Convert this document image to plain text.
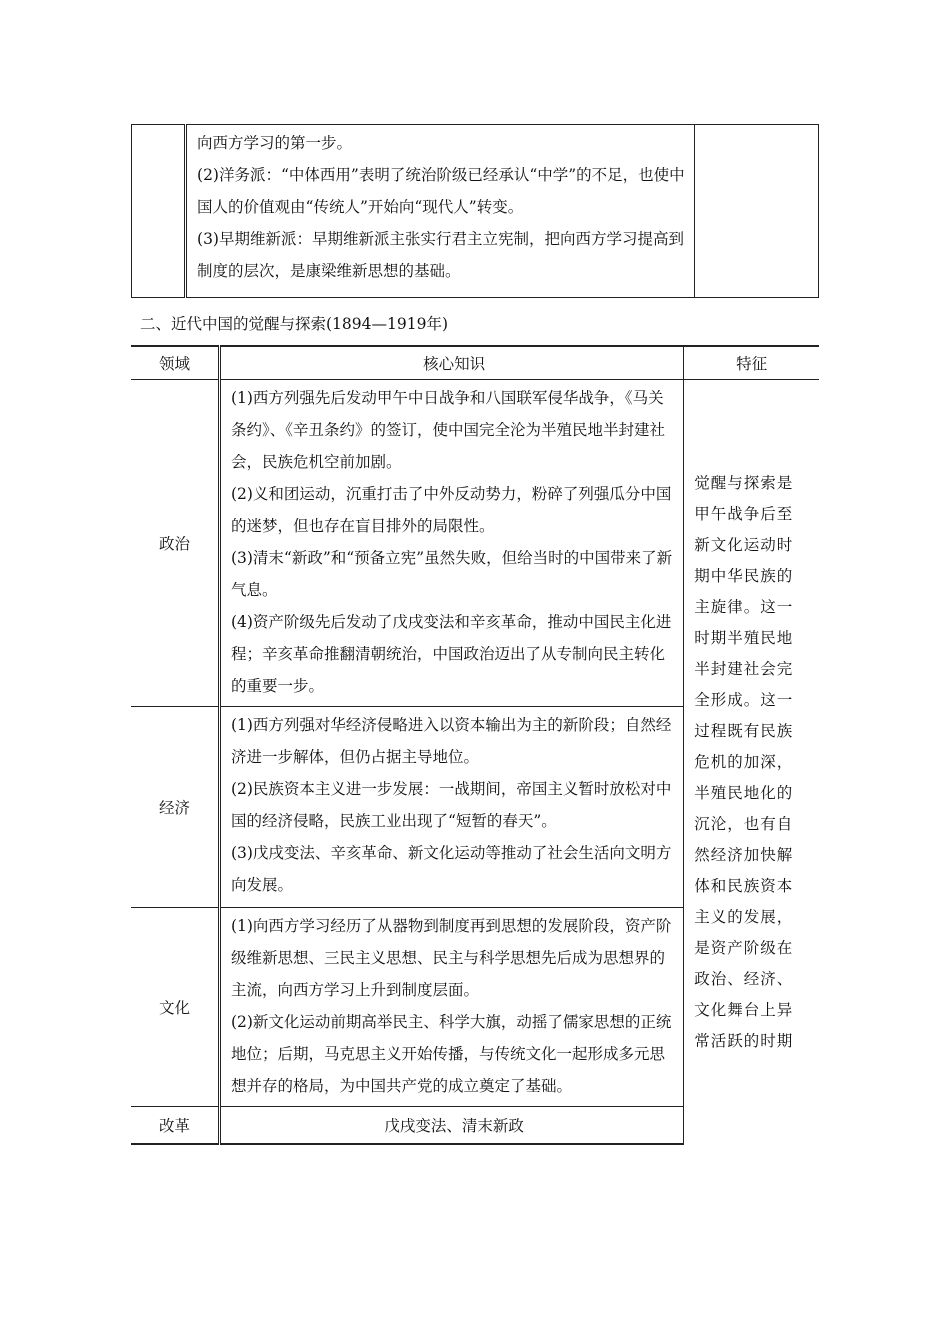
向西方学习的第一步。

(2)洋务派：“中体西用”表明了统治阶级已经承认“中学”的不足，也使中国人的价值观由“传统人”开始向“现代人”转变。

(3)早期维新派：早期维新派主张实行君主立宪制，把向西方学习提高到制度的层次，是康梁维新思想的基础。

二、近代中国的觉醒与探索(1894—1919年)
领域	核心知识	特征
政治	(1)西方列强先后发动甲午中日战争和八国联军侵华战争，《马关条约》、《辛丑条约》的签订，使中国完全沦为半殖民地半封建社会，民族危机空前加剧。

(2)义和团运动，沉重打击了中外反动势力，粉碎了列强瓜分中国的迷梦，但也存在盲目排外的局限性。

(3)清末“新政”和“预备立宪”虽然失败，但给当时的中国带来了新气息。

(4)资产阶级先后发动了戊戌变法和辛亥革命，推动中国民主化进程；辛亥革命推翻清朝统治，中国政治迈出了从专制向民主转化的重要一步。	觉醒与探索是甲午战争后至新文化运动时期中华民族的主旋律。这一时期半殖民地半封建社会完全形成。这一过程既有民族危机的加深，半殖民地化的沉沦，也有自然经济加快解体和民族资本主义的发展，是资产阶级在政治、经济、文化舞台上异常活跃的时期

经济	(1)西方列强对华经济侵略进入以资本输出为主的新阶段；自然经济进一步解体，但仍占据主导地位。

(2)民族资本主义进一步发展：一战期间，帝国主义暂时放松对中国的经济侵略，民族工业出现了“短暂的春天”。

(3)戊戌变法、辛亥革命、新文化运动等推动了社会生活向文明方向发展。	

文化	(1)向西方学习经历了从器物到制度再到思想的发展阶段，资产阶级维新思想、三民主义思想、民主与科学思想先后成为思想界的主流，向西方学习上升到制度层面。

(2)新文化运动前期高举民主、科学大旗，动摇了儒家思想的正统地位；后期，马克思主义开始传播，与传统文化一起形成多元思想并存的格局，为中国共产党的成立奠定了基础。	

改革	戊戌变法、清末新政	
